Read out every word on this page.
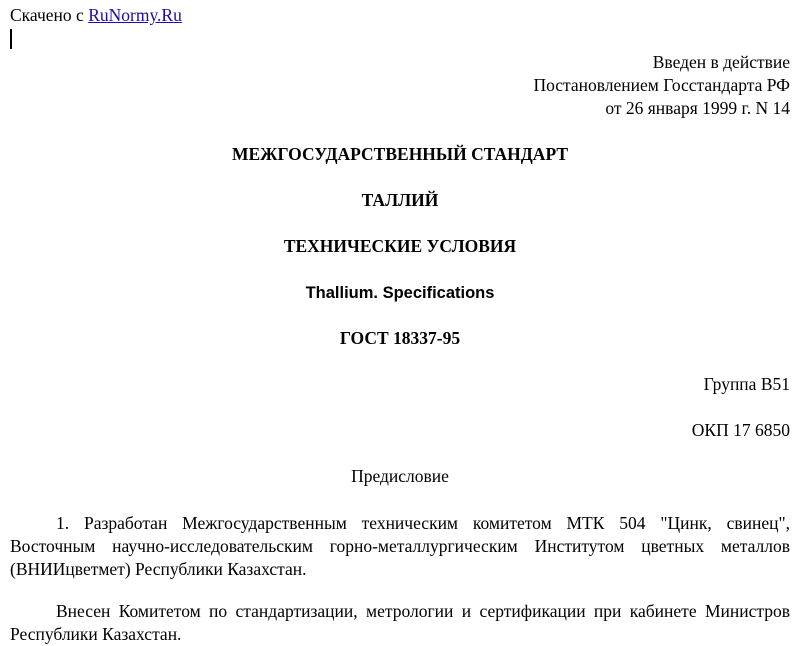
Скачено с RuNormy.Ru
Введен в действие
Постановлением Госстандарта РФ
от 26 января 1999 г. N 14
МЕЖГОСУДАРСТВЕННЫЙ СТАНДАРТ
ТАЛЛИЙ
ТЕХНИЧЕСКИЕ УСЛОВИЯ
Thallium. Specifications
ГОСТ 18337-95
Группа В51
ОКП 17 6850
Предисловие
1. Разработан Межгосударственным техническим комитетом МТК 504 "Цинк, свинец", Восточным научно-исследовательским горно-металлургическим Институтом цветных металлов (ВНИИцветмет) Республики Казахстан.
Внесен Комитетом по стандартизации, метрологии и сертификации при кабинете Министров Республики Казахстан.
